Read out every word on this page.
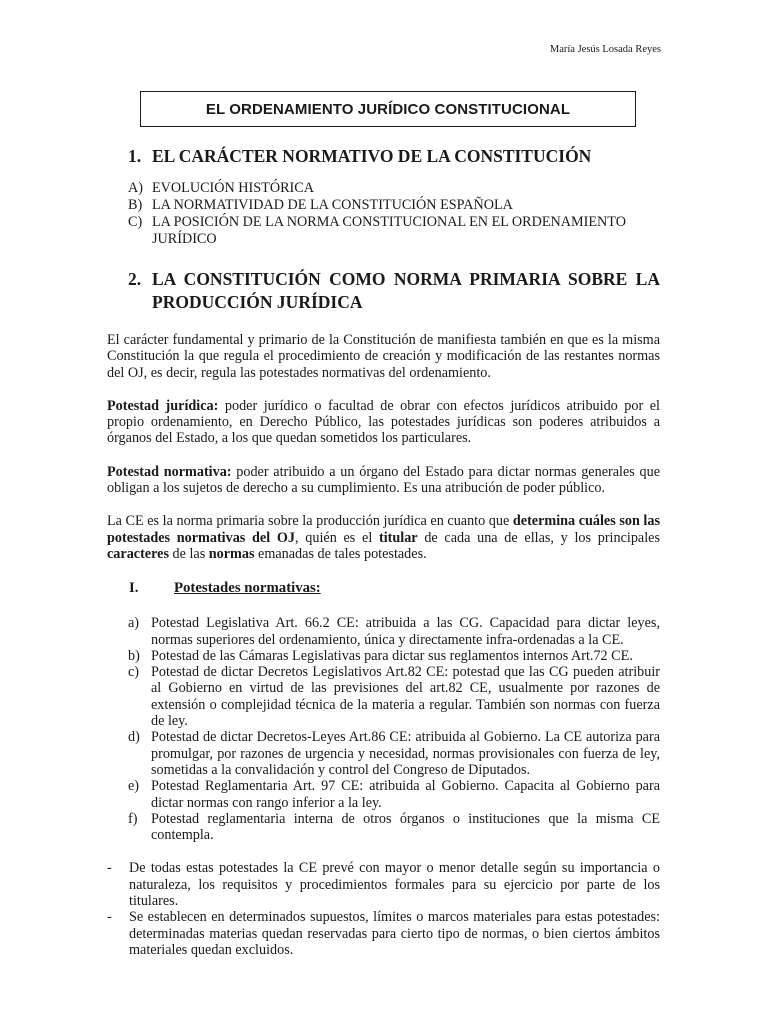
María Jesús Losada Reyes
EL ORDENAMIENTO JURÍDICO CONSTITUCIONAL
1. EL CARÁCTER NORMATIVO DE LA CONSTITUCIÓN
A) EVOLUCIÓN HISTÓRICA
B) LA NORMATIVIDAD DE LA CONSTITUCIÓN ESPAÑOLA
C) LA POSICIÓN DE LA NORMA CONSTITUCIONAL EN EL ORDENAMIENTO JURÍDICO
2. LA CONSTITUCIÓN COMO NORMA PRIMARIA SOBRE LA PRODUCCIÓN JURÍDICA

El carácter fundamental y primario de la Constitución de manifiesta también en que es la misma Constitución la que regula el procedimiento de creación y modificación de las restantes normas del OJ, es decir, regula las potestades normativas del ordenamiento.

Potestad jurídica: poder jurídico o facultad de obrar con efectos jurídicos atribuido por el propio ordenamiento, en Derecho Público, las potestades jurídicas son poderes atribuidos a órganos del Estado, a los que quedan sometidos los particulares.

Potestad normativa: poder atribuido a un órgano del Estado para dictar normas generales que obligan a los sujetos de derecho a su cumplimiento. Es una atribución de poder público.

La CE es la norma primaria sobre la producción jurídica en cuanto que determina cuáles son las potestades normativas del OJ, quién es el titular de cada una de ellas, y los principales caracteres de las normas emanadas de tales potestades.

I.	Potestades normativas:
a) Potestad Legislativa Art. 66.2 CE: atribuida a las CG. Capacidad para dictar leyes, normas superiores del ordenamiento, única y directamente infra-ordenadas a la CE.
b) Potestad de las Cámaras Legislativas para dictar sus reglamentos internos Art.72 CE.
c) Potestad de dictar Decretos Legislativos Art.82 CE: potestad que las CG pueden atribuir al Gobierno en virtud de las previsiones del art.82 CE, usualmente por razones de extensión o complejidad técnica de la materia a regular. También son normas con fuerza de ley.
d) Potestad de dictar Decretos-Leyes Art.86 CE: atribuida al Gobierno. La CE autoriza para promulgar, por razones de urgencia y necesidad, normas provisionales con fuerza de ley, sometidas a la convalidación y control del Congreso de Diputados.
e) Potestad Reglamentaria Art. 97 CE: atribuida al Gobierno. Capacita al Gobierno para dictar normas con rango inferior a la ley.
f) Potestad reglamentaria interna de otros órganos o instituciones que la misma CE contempla.
-	De todas estas potestades la CE prevé con mayor o menor detalle según su importancia o naturaleza, los requisitos y procedimientos formales para su ejercicio por parte de los titulares.
-	Se establecen en determinados supuestos, límites o marcos materiales para estas potestades: determinadas materias quedan reservadas para cierto tipo de normas, o bien ciertos ámbitos materiales quedan excluidos.
